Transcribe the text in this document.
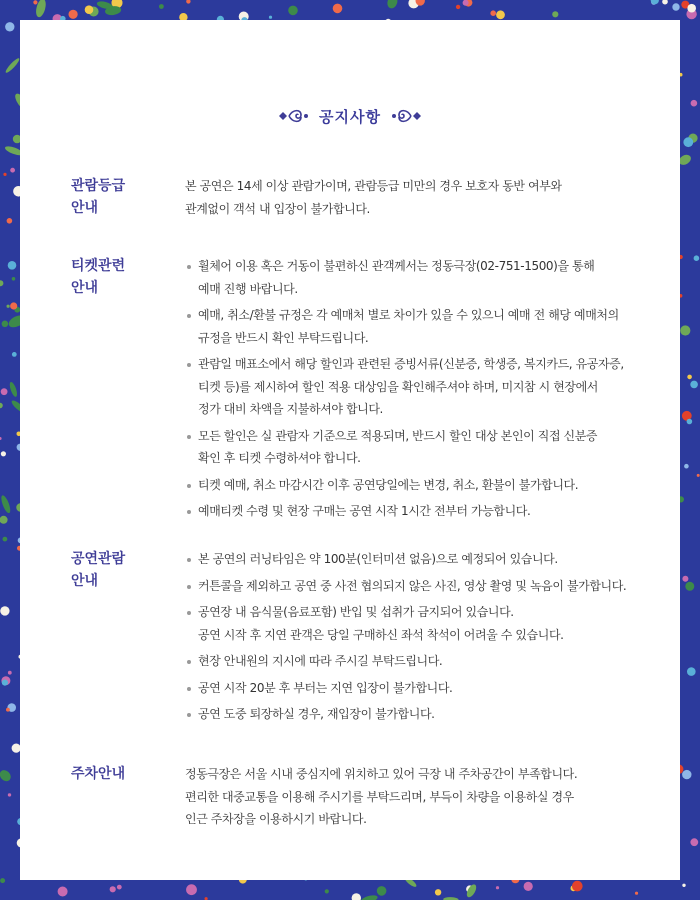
공지사항
관람등급
안내
본 공연은 14세 이상 관람가이며, 관람등급 미만의 경우 보호자 동반 여부와
관계없이 객석 내 입장이 불가합니다.
티켓관련
안내
휠체어 이용 혹은 거동이 불편하신 관객께서는 정동극장(02-751-1500)을 통해
예매 진행 바랍니다.
예매, 취소/환불 규정은 각 예매처 별로 차이가 있을 수 있으니 예매 전 해당 예매처의
규정을 반드시 확인 부탁드립니다.
관람일 매표소에서 해당 할인과 관련된 증빙서류(신분증, 학생증, 복지카드, 유공자증,
티켓 등)를 제시하여 할인 적용 대상임을 확인해주셔야 하며, 미지참 시 현장에서
정가 대비 차액을 지불하셔야 합니다.
모든 할인은 실 관람자 기준으로 적용되며, 반드시 할인 대상 본인이 직접 신분증
확인 후 티켓 수령하셔야 합니다.
티켓 예매, 취소 마감시간 이후 공연당일에는 변경, 취소, 환불이 불가합니다.
예매티켓 수령 및 현장 구매는 공연 시작 1시간 전부터 가능합니다.
공연관람
안내
본 공연의 러닝타임은 약 100분(인터미션 없음)으로 예정되어 있습니다.
커튼콜을 제외하고 공연 중 사전 협의되지 않은 사진, 영상 촬영 및 녹음이 불가합니다.
공연장 내 음식물(음료포함) 반입 및 섭취가 금지되어 있습니다.
공연 시작 후 지연 관객은 당일 구매하신 좌석 착석이 어려울 수 있습니다.
현장 안내원의 지시에 따라 주시길 부탁드립니다.
공연 시작 20분 후 부터는 지연 입장이 불가합니다.
공연 도중 퇴장하실 경우, 재입장이 불가합니다.
주차안내	정동극장은 서울 시내 중심지에 위치하고 있어 극장 내 주차공간이 부족합니다.
편리한 대중교통을 이용해 주시기를 부탁드리며, 부득이 차량을 이용하실 경우
인근 주차장을 이용하시기 바랍니다.
